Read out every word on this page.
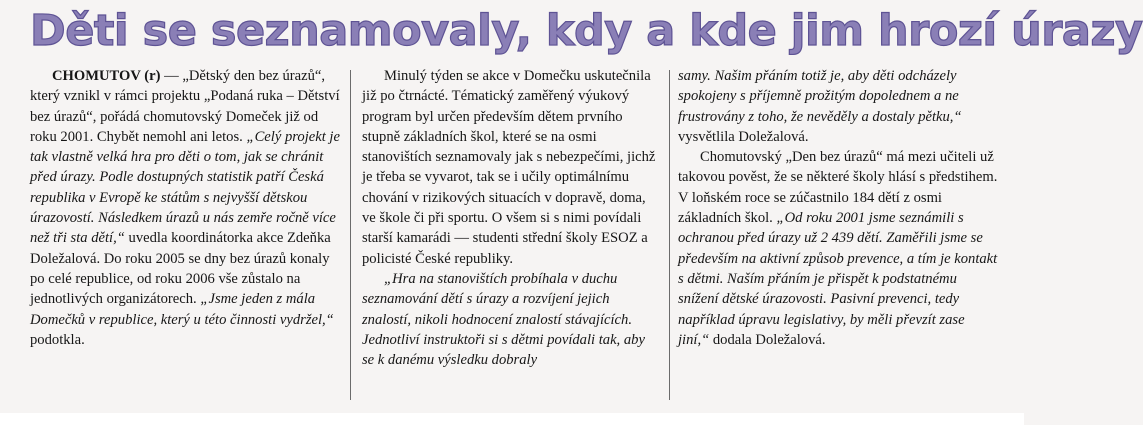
Děti se seznamovaly, kdy a kde jim hrozí úrazy

CHOMUTOV (r) — „Dětský den bez úrazů“, který vznikl v rámci projektu „Podaná ruka – Dětství bez úrazů“, pořádá chomutovský Domeček již od roku 2001. Chybět nemohl ani letos. „Celý projekt je tak vlastně velká hra pro děti o tom, jak se chránit před úrazy. Podle dostupných statistik patří Česká republika v Evropě ke státům s nejvyšší dětskou úrazovostí. Následkem úrazů u nás zemře ročně více než tři sta dětí,“ uvedla koordinátorka akce Zdeňka Doležalová. Do roku 2005 se dny bez úrazů konaly po celé republice, od roku 2006 vše zůstalo na jednotlivých organizátorech. „Jsme jeden z mála Domečků v republice, který u této činnosti vydržel,“ podotkla.

Minulý týden se akce v Domečku uskutečnila již po čtrnácté. Tématický zaměřený výukový program byl určen především dětem prvního stupně základních škol, které se na osmi stanovištích seznamovaly jak s nebezpečími, jichž je třeba se vyvarot, tak se i učily optimálnímu chování v rizikových situacích v dopravě, doma, ve škole či při sportu. O všem si s nimi povídali starší kamarádi — studenti střední školy ESOZ a policisté České republiky.

„Hra na stanovištích probíhala v duchu seznamování dětí s úrazy a rozvíjení jejich znalostí, nikoli hodnocení znalostí stávajících. Jednotliví instruktoři si s dětmi povídali tak, aby se k danému výsledku dobraly

samy. Našim přáním totiž je, aby děti odcházely spokojeny s příjemně prožitým dopolednem a ne frustrovány z toho, že nevěděly a dostaly pětku,“ vysvětlila Doležalová.

Chomutovský „Den bez úrazů“ má mezi učiteli už takovou pověst, že se některé školy hlásí s předstihem. V loňském roce se zúčastnilo 184 dětí z osmi základních škol. „Od roku 2001 jsme seznámili s ochranou před úrazy už 2 439 dětí. Zaměřili jsme se především na aktivní způsob prevence, a tím je kontakt s dětmi. Naším přáním je přispět k podstatnému snížení dětské úrazovosti. Pasivní prevenci, tedy například úpravu legislativy, by měli převzít zase jiní,“ dodala Doležalová.
